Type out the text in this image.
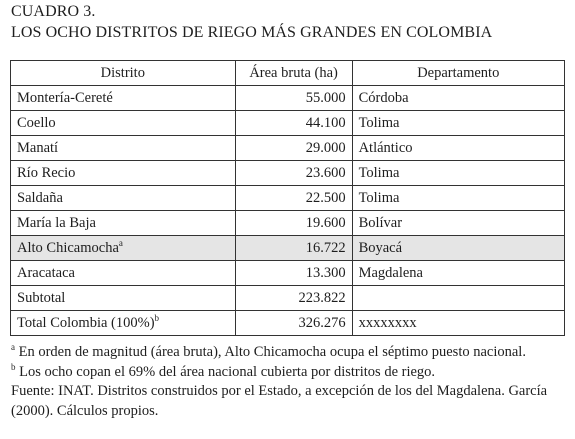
CUADRO 3.
LOS OCHO DISTRITOS DE RIEGO MÁS GRANDES EN COLOMBIA
Distrito	Área bruta (ha)	Departamento
Montería-Cereté	55.000	Córdoba
Coello	44.100	Tolima
Manatí	29.000	Atlántico
Río Recio	23.600	Tolima
Saldaña	22.500	Tolima
María la Baja	19.600	Bolívar
Alto Chicamocha$^a$	16.722	Boyacá
Aracataca	13.300	Magdalena
Subtotal	223.822	
Total Colombia $(100\%)^b$	326.276	xxxxxxxx

$^a$ En orden de magnitud (área bruta), Alto Chicamocha ocupa el séptimo puesto nacional.

$^b$ Los ocho copan el 69% del área nacional cubierta por distritos de riego.

Fuente: INAT. Distritos construidos por el Estado, a excepción de los del Magdalena. García (2000). Cálculos propios.
